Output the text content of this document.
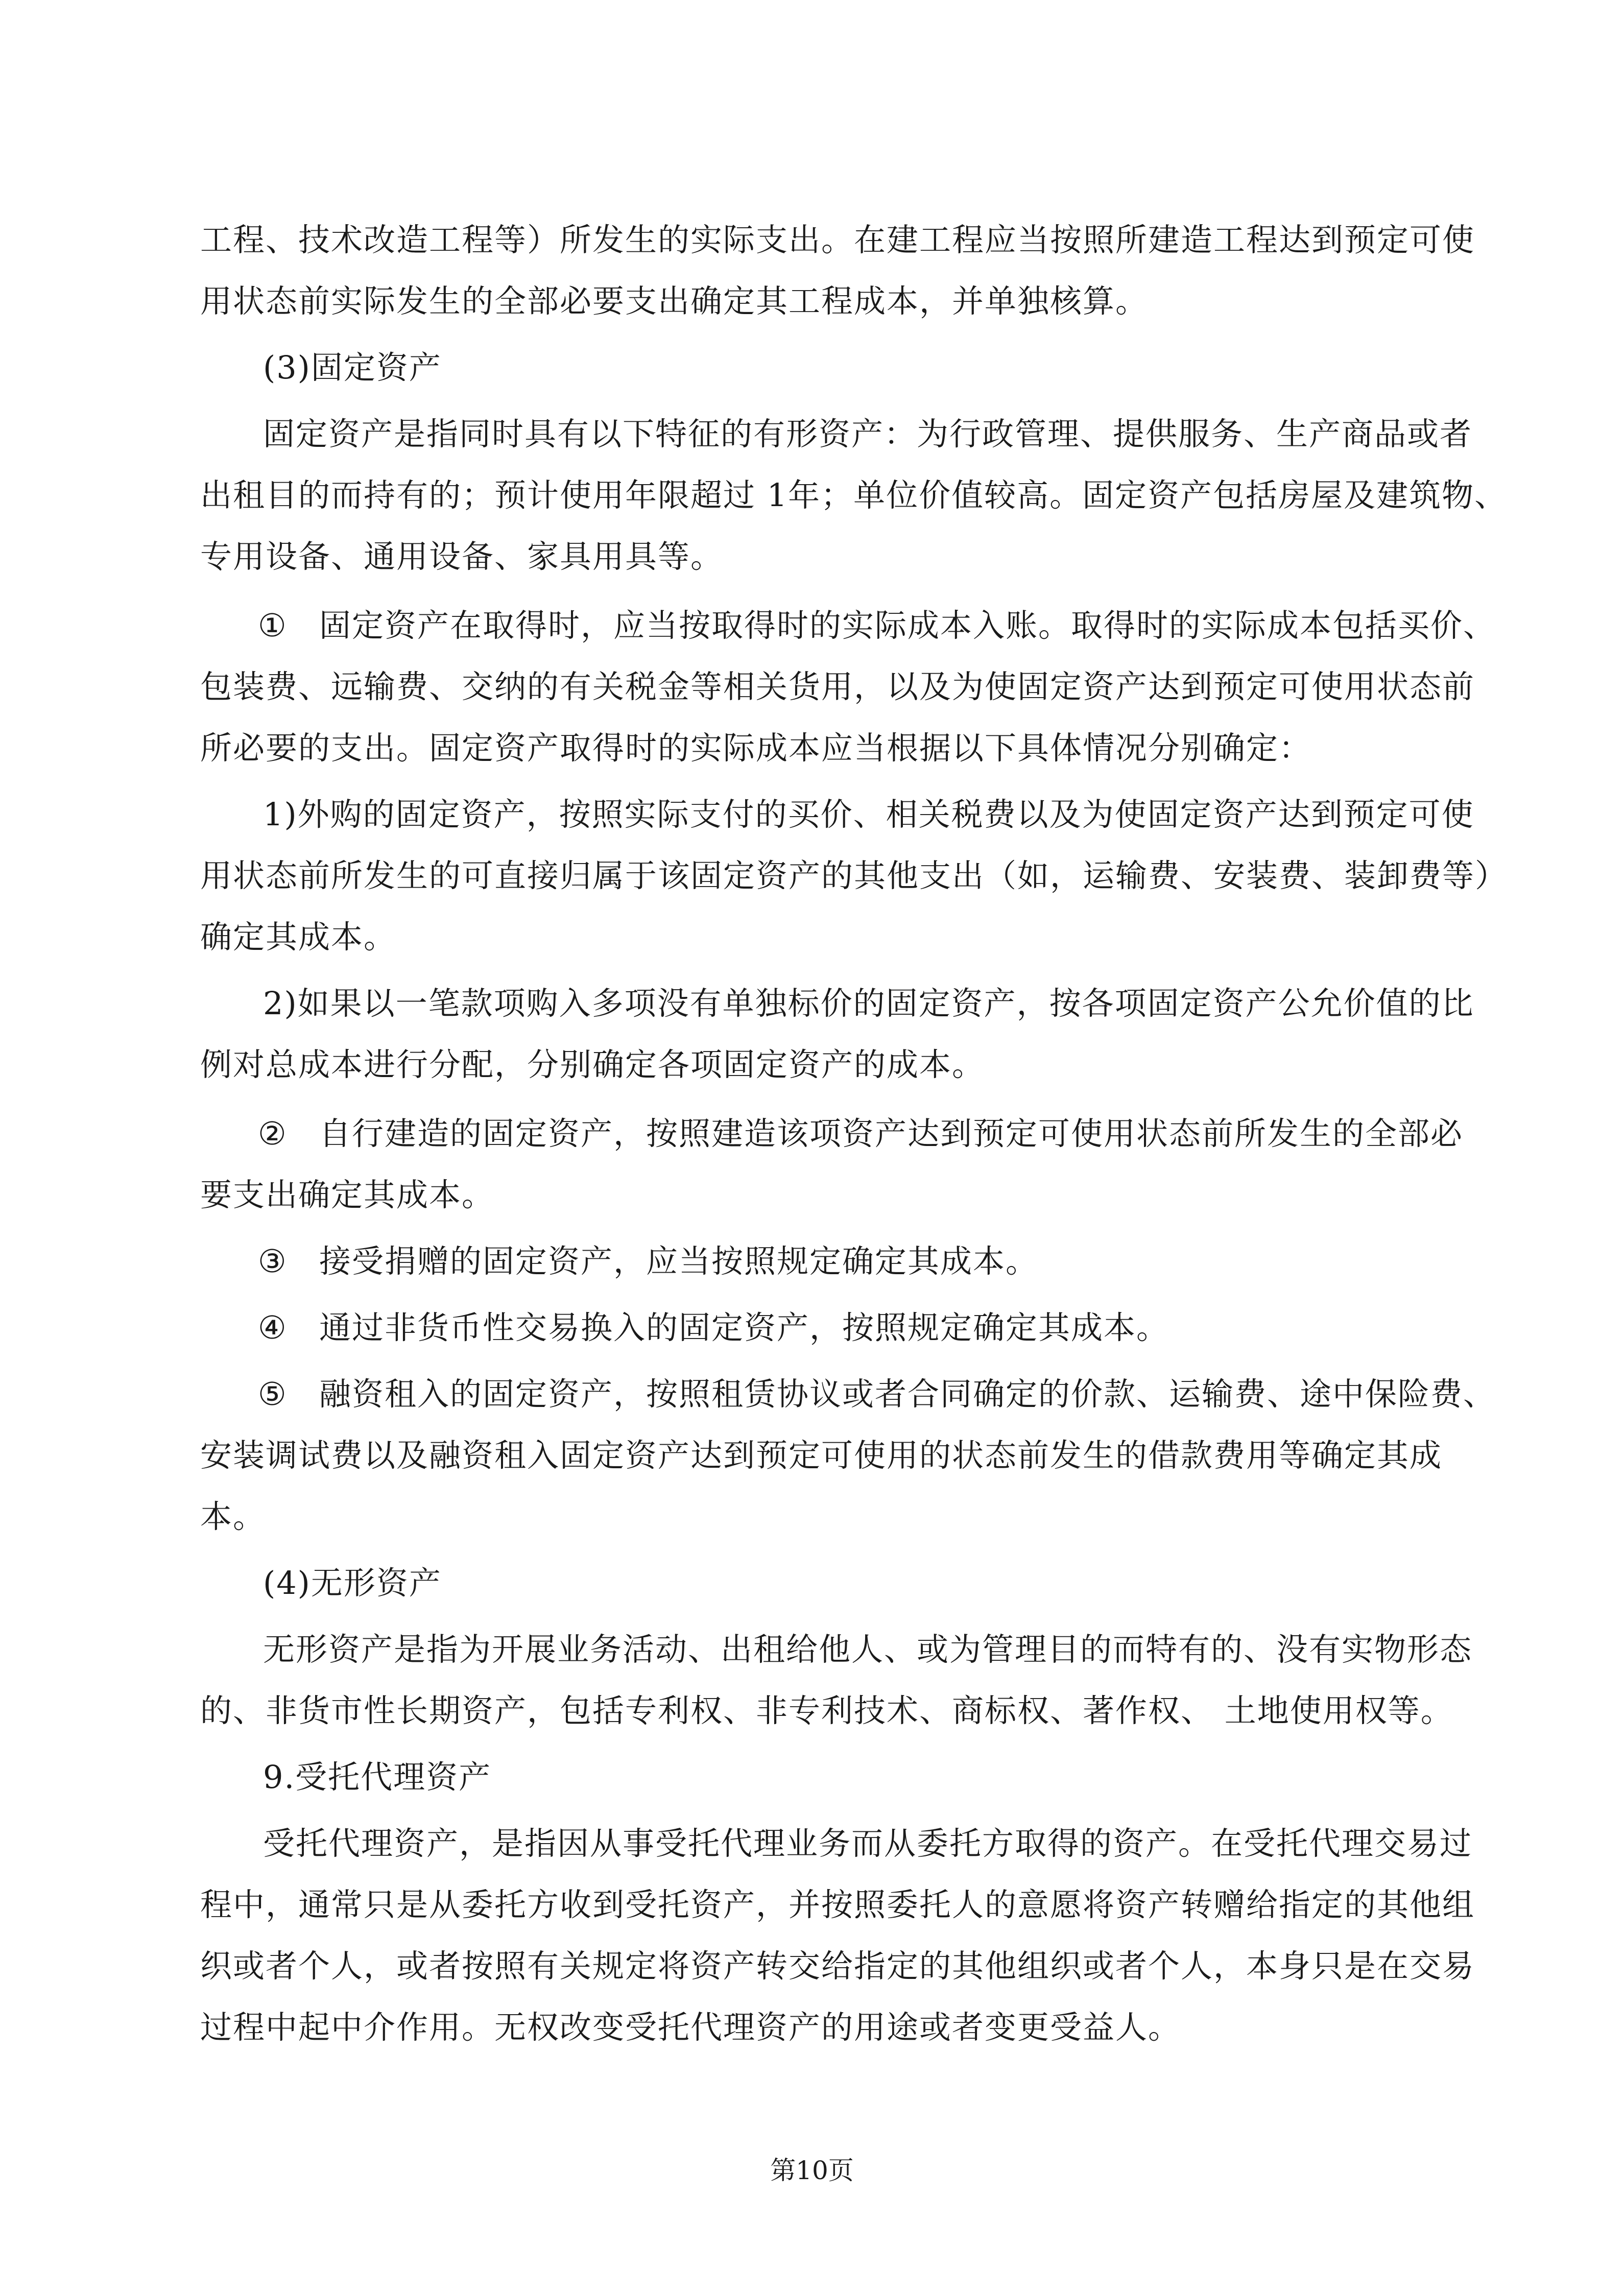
工程、技术改造工程等）所发生的实际支出。在建工程应当按照所建造工程达到预定可使
用状态前实际发生的全部必要支出确定其工程成本，并单独核算。
(3)固定资产
固定资产是指同时具有以下特征的有形资产：为行政管理、提供服务、生产商品或者
出租目的而持有的；预计使用年限超过 1年；单位价值较高。固定资产包括房屋及建筑物、
专用设备、通用设备、家具用具等。
① 固定资产在取得时，应当按取得时的实际成本入账。取得时的实际成本包括买价、
包装费、远输费、交纳的有关税金等相关货用，以及为使固定资产达到预定可使用状态前
所必要的支出。固定资产取得时的实际成本应当根据以下具体情况分别确定：
1)外购的固定资产，按照实际支付的买价、相关税费以及为使固定资产达到预定可使
用状态前所发生的可直接归属于该固定资产的其他支出（如，运输费、安装费、装卸费等）
确定其成本。
2)如果以一笔款项购入多项没有单独标价的固定资产，按各项固定资产公允价值的比
例对总成本进行分配，分别确定各项固定资产的成本。
② 自行建造的固定资产，按照建造该项资产达到预定可使用状态前所发生的全部必
要支出确定其成本。
③ 接受捐赠的固定资产，应当按照规定确定其成本。
④ 通过非货币性交易换入的固定资产，按照规定确定其成本。
⑤ 融资租入的固定资产，按照租赁协议或者合同确定的价款、运输费、途中保险费、
安装调试费以及融资租入固定资产达到预定可使用的状态前发生的借款费用等确定其成
本。
(4)无形资产
无形资产是指为开展业务活动、出租给他人、或为管理目的而特有的、没有实物形态
的、非货市性长期资产，包括专利权、非专利技术、商标权、著作权、 土地使用权等。
9.受托代理资产
受托代理资产，是指因从事受托代理业务而从委托方取得的资产。在受托代理交易过
程中，通常只是从委托方收到受托资产，并按照委托人的意愿将资产转赠给指定的其他组
织或者个人，或者按照有关规定将资产转交给指定的其他组织或者个人，本身只是在交易
过程中起中介作用。无权改变受托代理资产的用途或者变更受益人。
第10页
